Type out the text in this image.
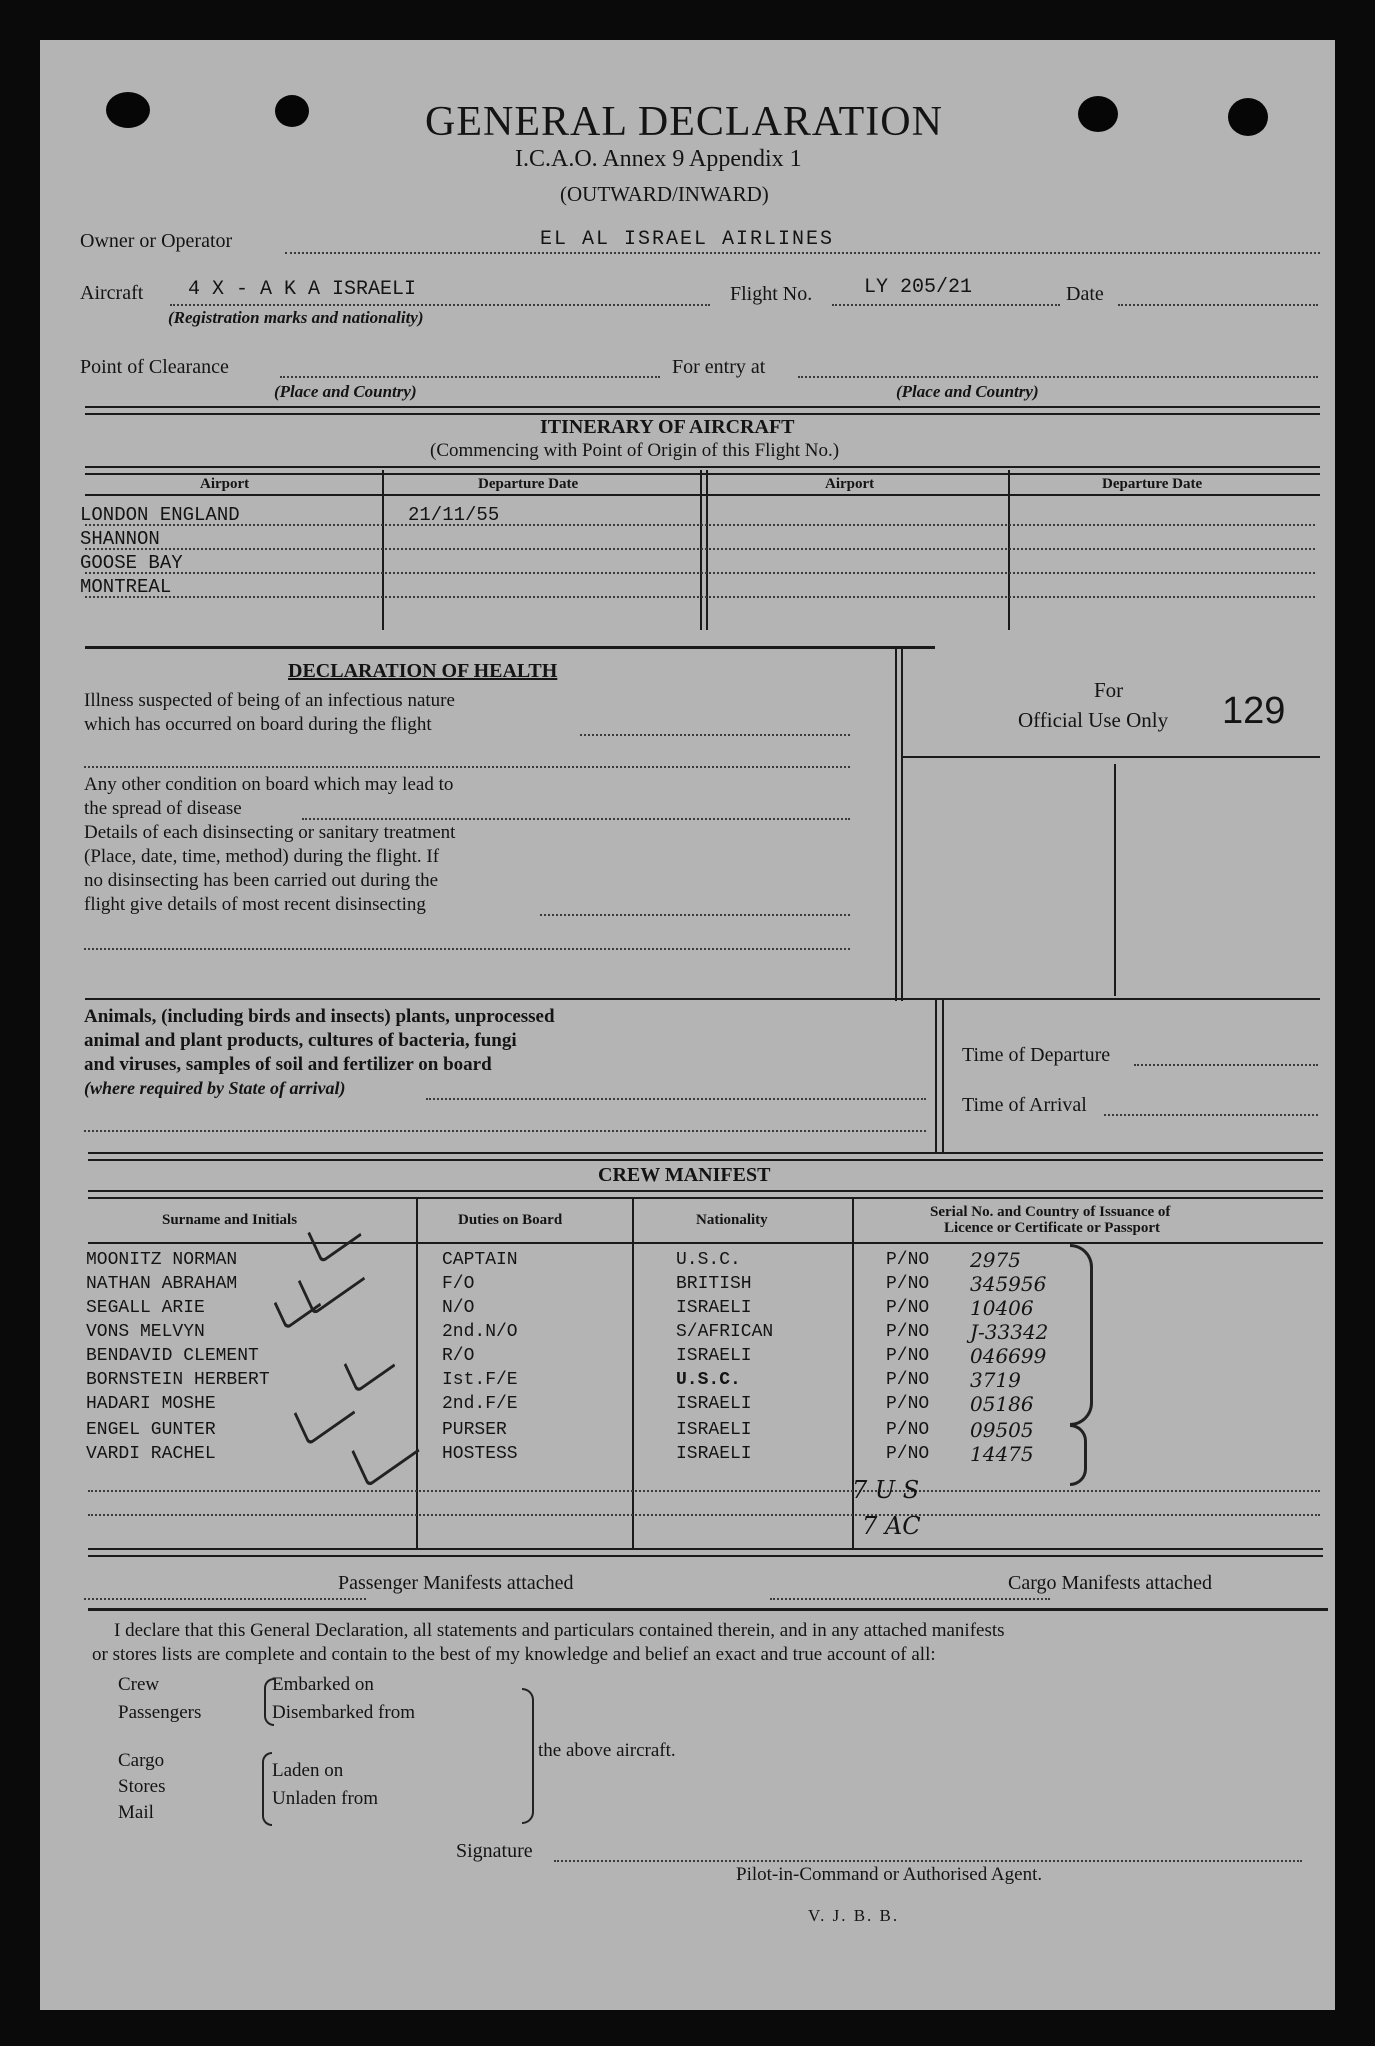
GENERAL DECLARATION
I.C.A.O. Annex 9 Appendix 1
(OUTWARD/INWARD)
Owner or Operator	EL AL ISRAEL AIRLINES
Aircraft 4 X - A K A ISRAELI
(Registration marks and nationality)
Flight No.	LY 205/21	Date
Point of Clearance
(Place and Country)
For entry at
(Place and Country)
ITINERARY OF AIRCRAFT
(Commencing with Point of Origin of this Flight No.)
Airport	Departure Date	Airport	Departure Date
LONDON ENGLAND	21/11/55
SHANNON
GOOSE BAY
MONTREAL
DECLARATION OF HEALTH
Illness suspected of being of an infectious nature
which has occurred on board during the flight
Any other condition on board which may lead to
the spread of disease
Details of each disinsecting or sanitary treatment
(Place, date, time, method) during the flight. If
no disinsecting has been carried out during the
flight give details of most recent disinsecting
For
Official Use Only 129
Animals, (including birds and insects) plants, unprocessed
animal and plant products, cultures of bacteria, fungi
and viruses, samples of soil and fertilizer on board
(where required by State of arrival)
Time of Departure
Time of Arrival
CREW MANIFEST
Surname and Initials	Duties on Board	Nationality	Serial No. and Country of Issuance of
Licence or Certificate or Passport
MOONITZ NORMAN	CAPTAIN	U.S.C.	P/NO 2975
NATHAN ABRAHAM	F/O	BRITISH	P/NO 345956
SEGALL ARIE	N/O	ISRAELI	P/NO 10406
VONS MELVYN	2nd.N/O	S/AFRICAN	P/NO J-33342
BENDAVID CLEMENT	R/O	ISRAELI	P/NO 046699
BORNSTEIN HERBERT	Ist.F/E	U.S.C.	P/NO 3719
HADARI MOSHE	2nd.F/E	ISRAELI	P/NO 05186
ENGEL GUNTER	PURSER	ISRAELI	P/NO 09505
VARDI RACHEL	HOSTESS	ISRAELI	P/NO 14475
7 U S
7 AC
Passenger Manifests attached	Cargo Manifests attached
I declare that this General Declaration, all statements and particulars contained therein, and in any attached manifests
or stores lists are complete and contain to the best of my knowledge and belief an exact and true account of all:
Crew
Passengers
Embarked on
Disembarked from
Cargo
Stores
Mail
Laden on
Unladen from
the above aircraft.
Signature
Pilot-in-Command or Authorised Agent.
V. J. B. B.
